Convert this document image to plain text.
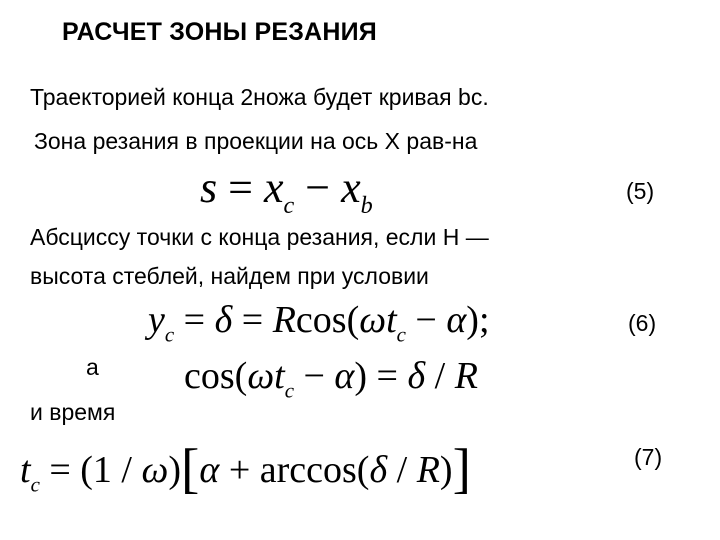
РАСЧЕТ ЗОНЫ РЕЗАНИЯ
Траекторией конца 2ножа будет кривая bc.
Зона резания в проекции на ось X рав-на
$s = x_c - x_b$
(5)
Абсциссу точки c конца резания, если H —
высота стеблей, найдем при условии
$y_c = \delta = Rcos(\omega t_c - \alpha)$;	(6)
а $\cos(\omega t_c - \alpha) = \delta / R$
и время
$t_c = (1 / \omega)[\alpha + \arccos(\delta / R)]$	(7)
